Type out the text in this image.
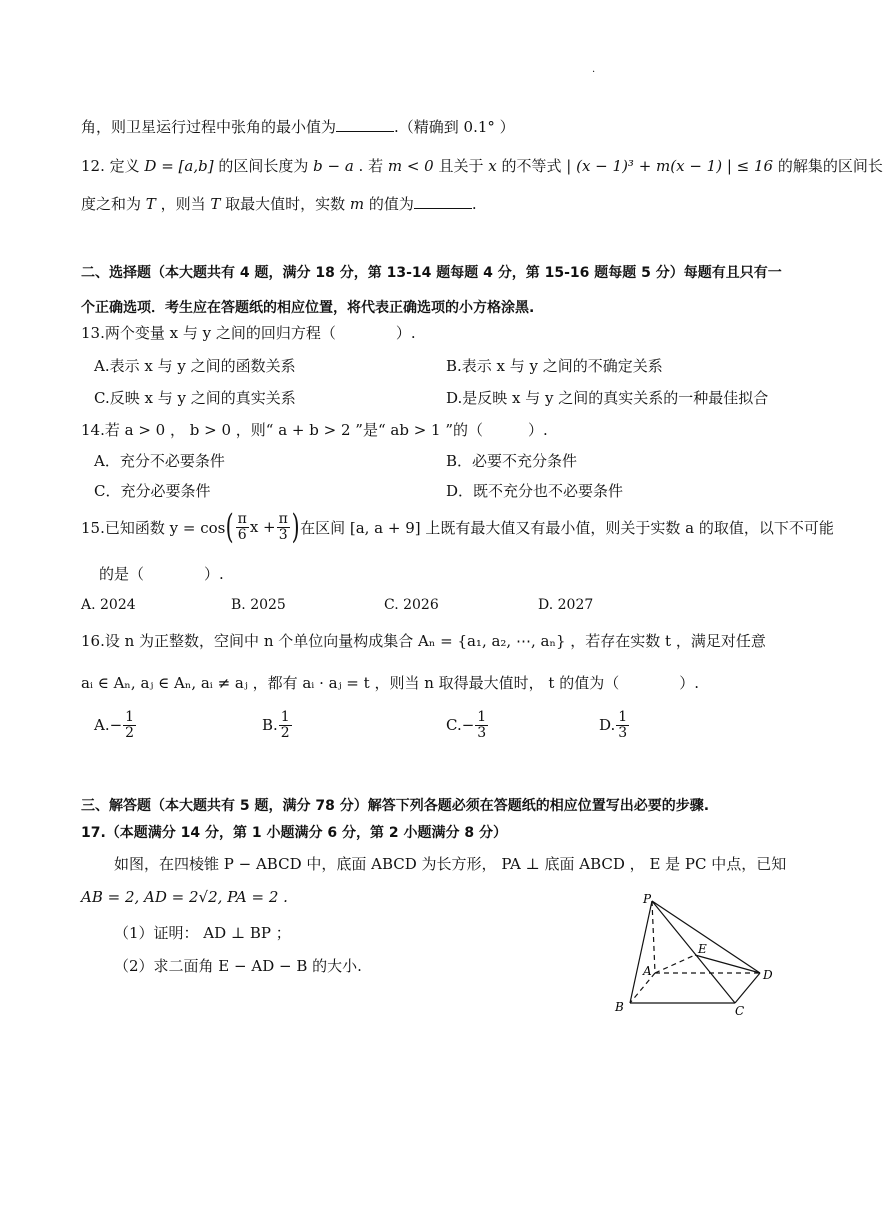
.
角，则卫星运行过程中张角的最小值为	.（精确到 0.1° ）
12. 定义 D = [a,b] 的区间长度为 b − a . 若 m < 0 且关于 x 的不等式 | (x − 1)³ + m(x − 1) | ≤ 16 的解集的区间长
度之和为 T ，则当 T 取最大值时，实数 m 的值为	.
二、选择题（本大题共有 4 题，满分 18 分，第 13-14 题每题 4 分，第 15-16 题每题 5 分）每题有且只有一
个正确选项．考生应在答题纸的相应位置，将代表正确选项的小方格涂黑.
13.两个变量 x 与 y 之间的回归方程（　　　　）.
A.表示 x 与 y 之间的函数关系	B.表示 x 与 y 之间的不确定关系
C.反映 x 与 y 之间的真实关系	D.是反映 x 与 y 之间的真实关系的一种最佳拟合
14.若 a > 0 ， b > 0 ，则“ a + b > 2 ”是“ ab > 1 ”的（　　　）.
A．充分不必要条件	B．必要不充分条件
C．充分必要条件	D．既不充分也不必要条件
15.已知函数 y = cos ( $\frac{\pi}{6}$ $x + \frac{\pi}{3}$ ) 在区间 [a, a + 9] 上既有最大值又有最小值，则关于实数 a 的取值，以下不可能
的是（　　　　）.
A. 2024	B. 2025	C. 2026	D. 2027
16.设 n 为正整数，空间中 n 个单位向量构成集合 Aₙ = {a₁, a₂, ⋯, aₙ} ，若存在实数 t ，满足对任意
aᵢ ∈ Aₙ, aⱼ ∈ Aₙ, aᵢ ≠ aⱼ ，都有 aᵢ · aⱼ = t ，则当 n 取得最大值时， t 的值为（　　　　）.
$A.- \frac{1}{2}$	B. $\frac{1}{2}$	$C.- \frac{1}{3}$	D. $\frac{1}{3}$
三、解答题（本大题共有 5 题，满分 78 分）解答下列各题必须在答题纸的相应位置写出必要的步骤.
17.（本题满分 14 分，第 1 小题满分 6 分，第 2 小题满分 8 分）
如图，在四棱锥 P − ABCD 中，底面 ABCD 为长方形， PA ⊥ 底面 ABCD ， E 是 PC 中点，已知
AB = 2, AD = 2√2, PA = 2 .
（1）证明： AD ⊥ BP ；
（2）求二面角 E − AD − B 的大小.
P
E
A	D
B	C
